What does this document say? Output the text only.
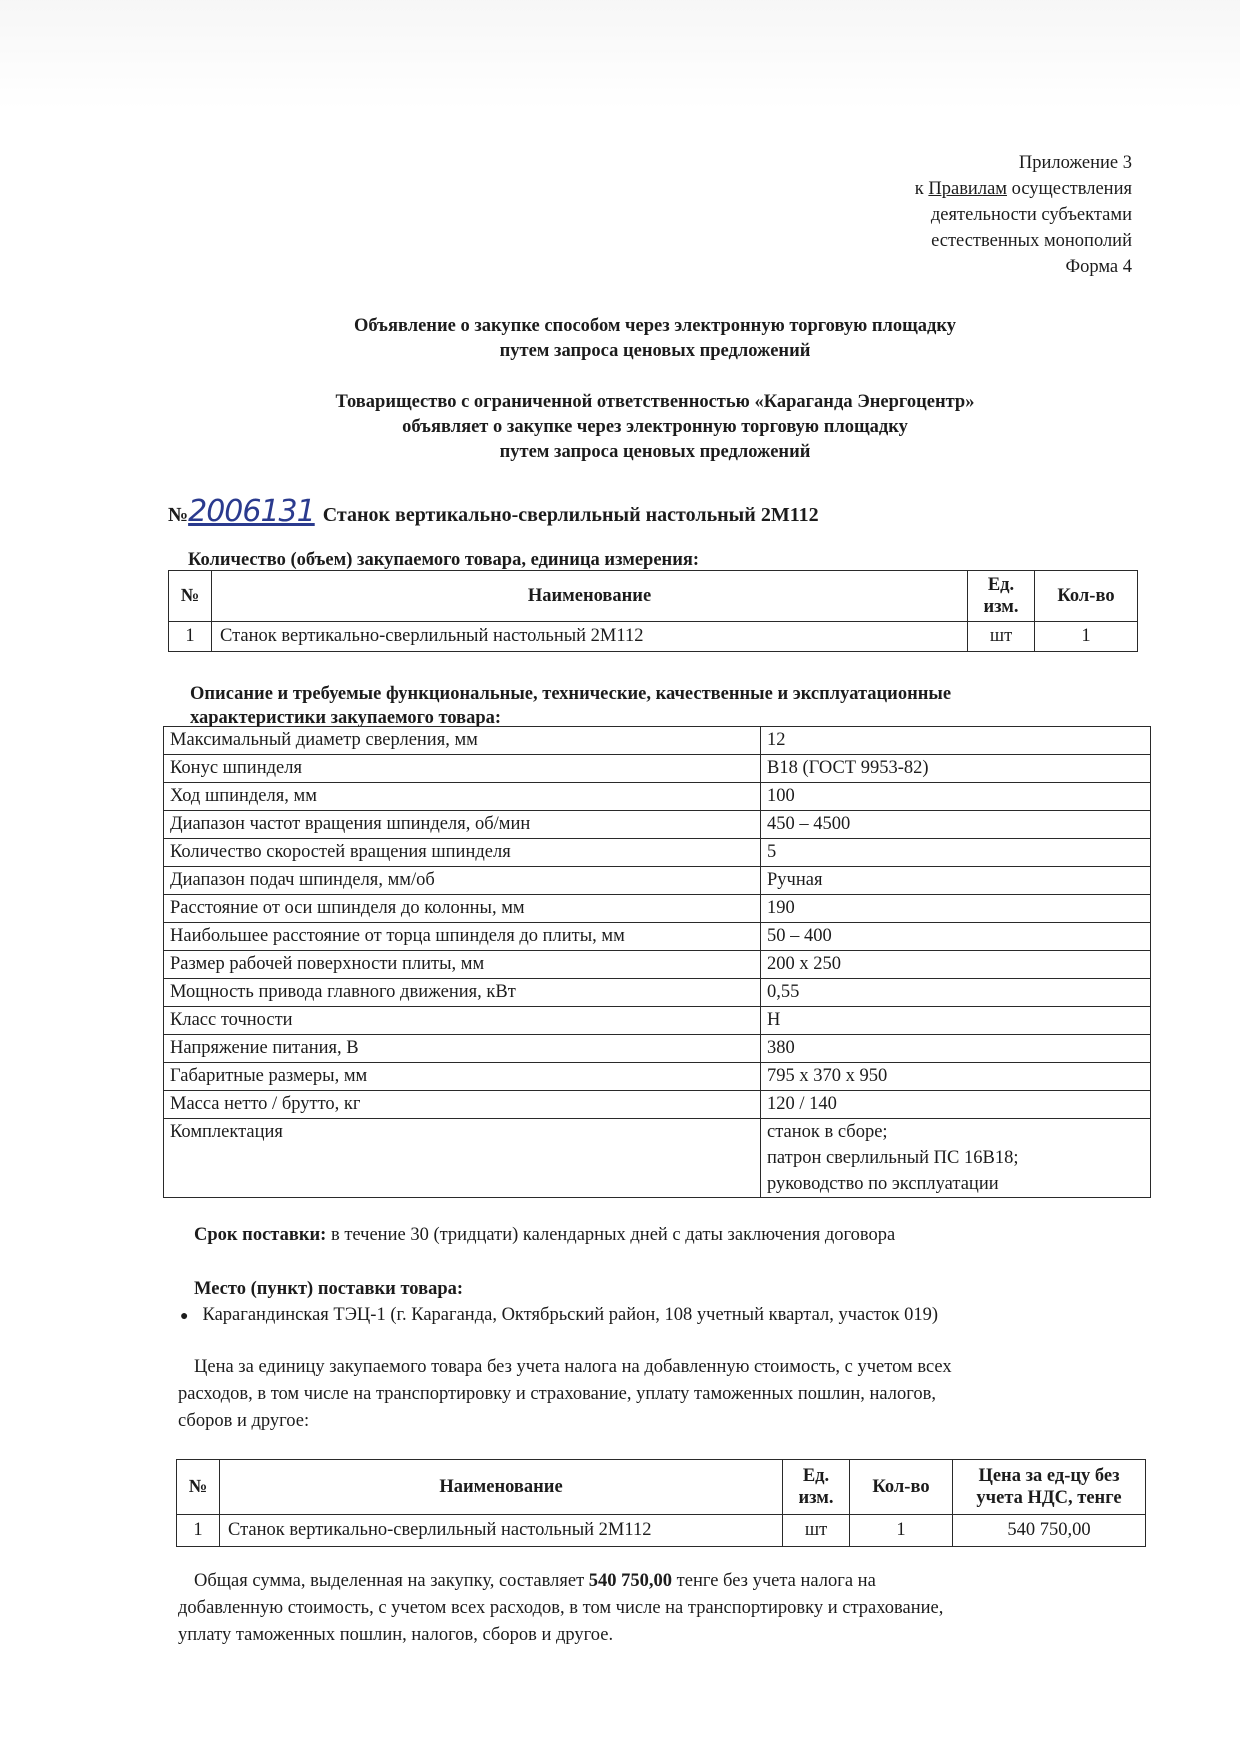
Приложение 3
к Правилам осуществления
деятельности субъектами
естественных монополий
Форма 4
Объявление о закупке способом через электронную торговую площадку
путем запроса ценовых предложений
Товарищество с ограниченной ответственностью «Караганда Энергоцентр»
объявляет о закупке через электронную торговую площадку
путем запроса ценовых предложений
№2006131 Станок вертикально-сверлильный настольный 2М112
Количество (объем) закупаемого товара, единица измерения:
№	Наименование	Ед. изм.	Кол-во
1	Станок вертикально-сверлильный настольный 2М112	шт	1
Описание и требуемые функциональные, технические, качественные и эксплуатационные
характеристики закупаемого товара:
Максимальный диаметр сверления, мм	12
Конус шпинделя	В18 (ГОСТ 9953-82)
Ход шпинделя, мм	100
Диапазон частот вращения шпинделя, об/мин	450 – 4500
Количество скоростей вращения шпинделя	5
Диапазон подач шпинделя, мм/об	Ручная
Расстояние от оси шпинделя до колонны, мм	190
Наибольшее расстояние от торца шпинделя до плиты, мм	50 – 400
Размер рабочей поверхности плиты, мм	200 х 250
Мощность привода главного движения, кВт	0,55
Класс точности	Н
Напряжение питания, В	380
Габаритные размеры, мм	795 х 370 х 950
Масса нетто / брутто, кг	120 / 140
Комплектация	станок в сборе;
патрон сверлильный ПС 16В18;
руководство по эксплуатации
Срок поставки: в течение 30 (тридцати) календарных дней с даты заключения договора
Место (пункт) поставки товара:
● Карагандинская ТЭЦ-1 (г. Караганда, Октябрьский район, 108 учетный квартал, участок 019)
Цена за единицу закупаемого товара без учета налога на добавленную стоимость, с учетом всех
расходов, в том числе на транспортировку и страхование, уплату таможенных пошлин, налогов,
сборов и другое:
№	Наименование	Ед. изм.	Кол-во	Цена за ед-цу без учета НДС, тенге
1	Станок вертикально-сверлильный настольный 2М112	шт	1	540 750,00
Общая сумма, выделенная на закупку, составляет 540 750,00 тенге без учета налога на
добавленную стоимость, с учетом всех расходов, в том числе на транспортировку и страхование,
уплату таможенных пошлин, налогов, сборов и другое.
